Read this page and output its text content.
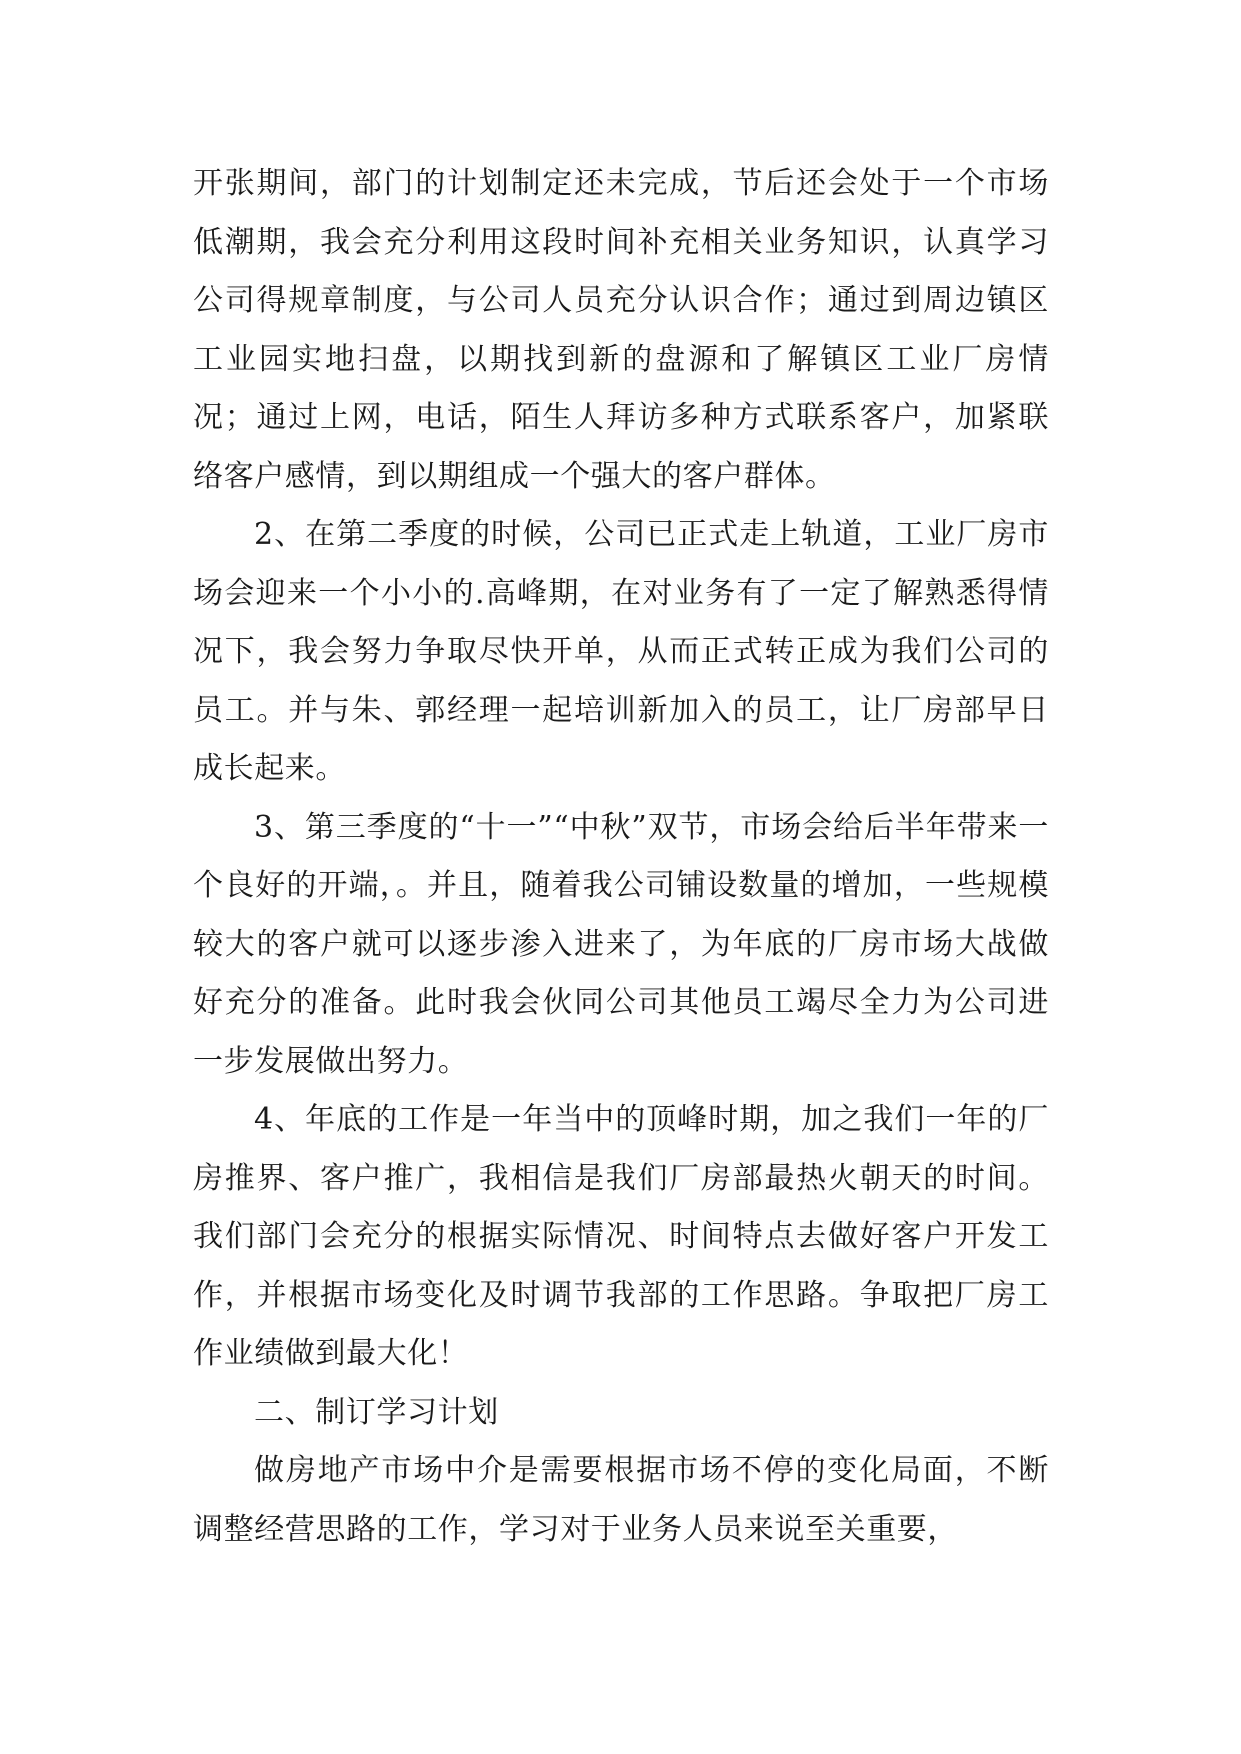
开张期间，部门的计划制定还未完成，节后还会处于一个市场低潮期，我会充分利用这段时间补充相关业务知识，认真学习公司得规章制度，与公司人员充分认识合作；通过到周边镇区工业园实地扫盘，以期找到新的盘源和了解镇区工业厂房情况；通过上网，电话，陌生人拜访多种方式联系客户，加紧联络客户感情，到以期组成一个强大的客户群体。

2、在第二季度的时候，公司已正式走上轨道，工业厂房市场会迎来一个小小的.高峰期，在对业务有了一定了解熟悉得情况下，我会努力争取尽快开单，从而正式转正成为我们公司的员工。并与朱、郭经理一起培训新加入的员工，让厂房部早日成长起来。

3、第三季度的“十一”“中秋”双节，市场会给后半年带来一个良好的开端，。并且，随着我公司铺设数量的增加，一些规模较大的客户就可以逐步渗入进来了，为年底的厂房市场大战做好充分的准备。此时我会伙同公司其他员工竭尽全力为公司进一步发展做出努力。

4、年底的工作是一年当中的顶峰时期，加之我们一年的厂房推界、客户推广，我相信是我们厂房部最热火朝天的时间。我们部门会充分的根据实际情况、时间特点去做好客户开发工作，并根据市场变化及时调节我部的工作思路。争取把厂房工作业绩做到最大化！

二、制订学习计划

做房地产市场中介是需要根据市场不停的变化局面，不断调整经营思路的工作，学习对于业务人员来说至关重要，
